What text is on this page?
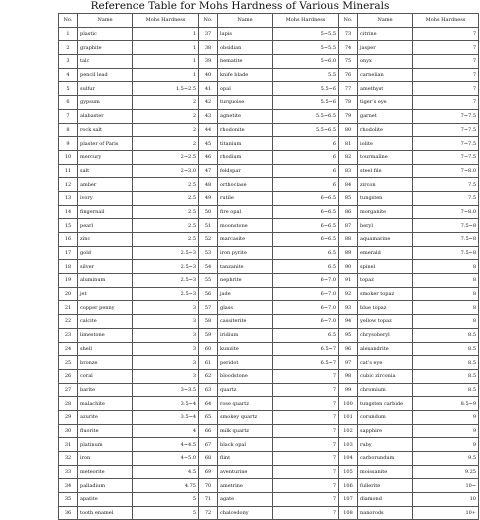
Reference Table for Mohs Hardness of Various Minerals
No.	Name	Mohs Hardness	No.	Name	Mohs Hardness	No.	Name	Mohs Hardness
1	plastic	1	37	lapis	5~5.5	73	citrine	7
2	graphite	1	38	obsidian	5~5.5	74	jasper	7
3	talc	1	39	hematite	5~6.0	75	onyx	7
4	pencil lead	1	40	knife blade	5.5	76	carnelian	7
5	sulfur	1.5~2.5	41	opal	5.5~6	77	amethyst	7
6	gypsum	2	42	turquoise	5.5~6	78	tiger’s eye	7
7	alabaster	2	43	agnetite	5.5~6.5	79	garnet	7~7.5
8	rock salt	2	44	rhodonite	5.5~6.5	80	rhodolite	7~7.5
9	plaster of Paris	2	45	titanium	6	81	iolite	7~7.5
10	mercury	2~2.5	46	rhodium	6	82	tourmaline	7~7.5
11	salt	2~3.0	47	feldspar	6	83	steel file	7~8.0
12	amber	2.5	48	orthoclase	6	84	zircon	7.5
13	ivory	2.5	49	rutile	6~6.5	85	tungsten	7.5
14	fingernail	2.5	50	fire opal	6~6.5	86	morganite	7~8.0
15	pearl	2.5	51	moonstone	6~6.5	87	beryl	7.5~8
16	zinc	2.5	52	marcasite	6~6.5	88	aquamarine	7.5~8
17	gold	2.5~3	53	iron pyrite	6.5	89	emerald	7.5~8
18	silver	2.5~3	54	tanzanite	6.5	90	spinel	8
19	aluminum	2.5~3	55	nephrite	6~7.0	91	topaz	8
20	jet	2.5~3	56	jade	6~7.0	92	smoker topaz	8
21	copper penny	3	57	glass	6~7.0	93	blue topaz	8
22	calcite	3	58	cassiterite	6~7.0	94	yellow topaz	8
23	limestone	3	59	iridium	6.5	95	chrysoberyl	8.5
24	shell	3	60	kunzite	6.5~7	96	alexandrite	8.5
25	bronze	3	61	peridot	6.5~7	97	cat’s eye	8.5
26	coral	3	62	bloodstone	7	98	cubic zirconia	8.5
27	barite	3~3.5	63	quartz	7	99	chromium	8.5
28	malachite	3.5~4	64	rose quartz	7	100	tungsten carbide	8.5~9
29	azurite	3.5~4	65	smokey quartz	7	101	corundum	9
30	fluorite	4	66	milk quartz	7	102	sapphire	9
31	platinum	4~4.5	67	black opal	7	103	ruby	9
32	iron	4~5.0	68	flint	7	104	carborundum	9.5
33	meteorite	4.5	69	aventurine	7	105	moissanite	9.25
34	palladium	4.75	70	ametrine	7	106	fullerite	10~
35	apatite	5	71	agate	7	107	diamond	10
36	tooth enamel	5	72	chalcedony	7	108	nanorods	10+
